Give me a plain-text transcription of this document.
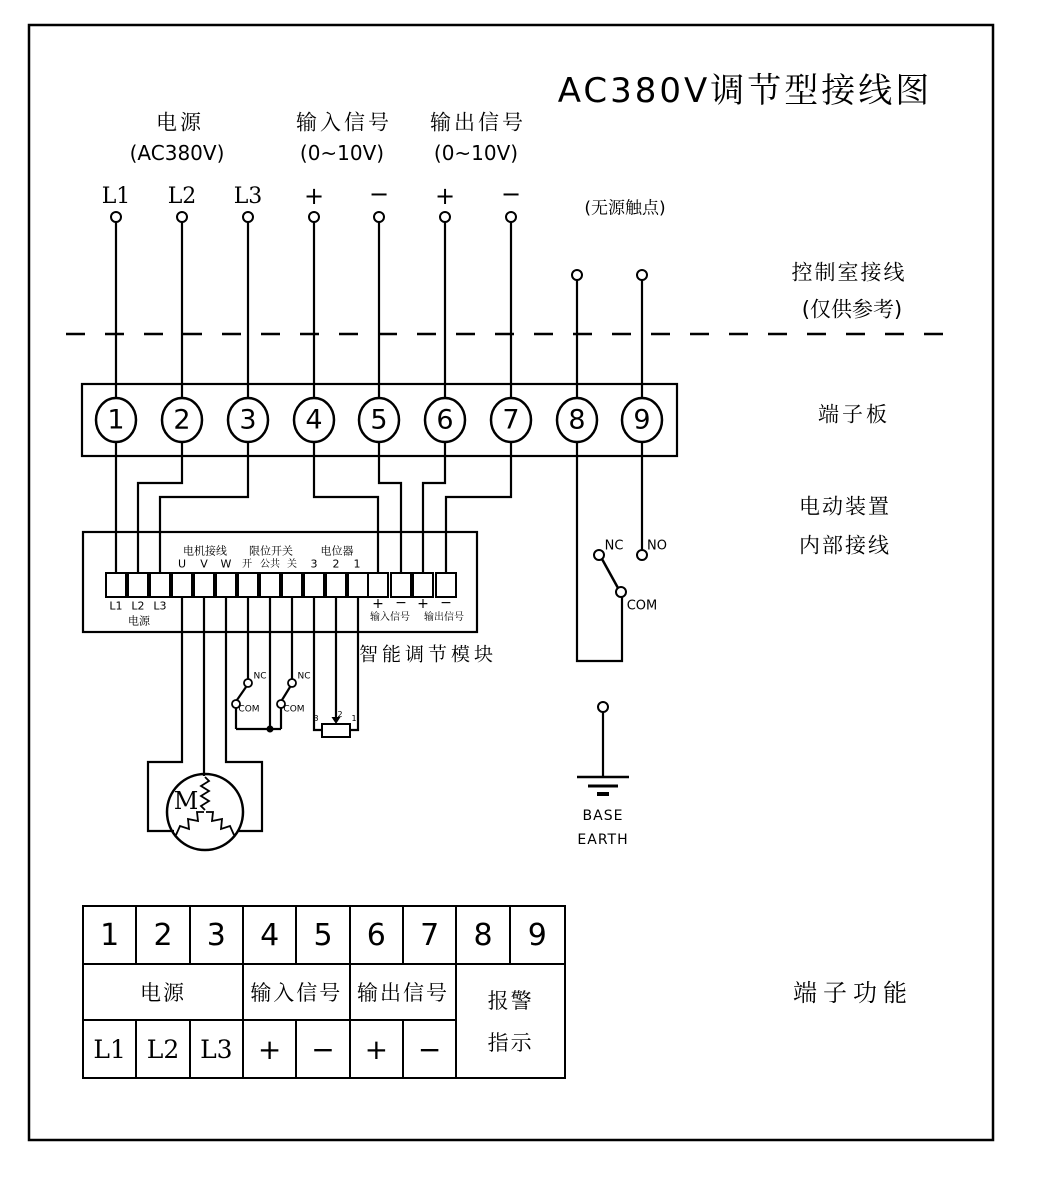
AC380V调节型接线图
电源
(AC380V)
输入信号
(0~10V)
输出信号
(0~10V)
L1 L2 L3 + − + −
(无源触点)
控制室接线
(仅供参考)
1 2 3 4 5 6 7 8 9	端子板
电动装置
内部接线
电机接线 限位开关	电位器
U V W 开 公共 关 3 2 1
L1 L2 L3
电源
+ − + −
输入信号 输出信号
智能调节模块
NC
COM
NC
COM
3 2 1
M
NC NO
COM
BASE
EARTH
1	2	3	4	5	6	7	8	9
电源	输入信号 输出信号	报警
指示
L1 L2 L3 +	−	+	−
端子功能
